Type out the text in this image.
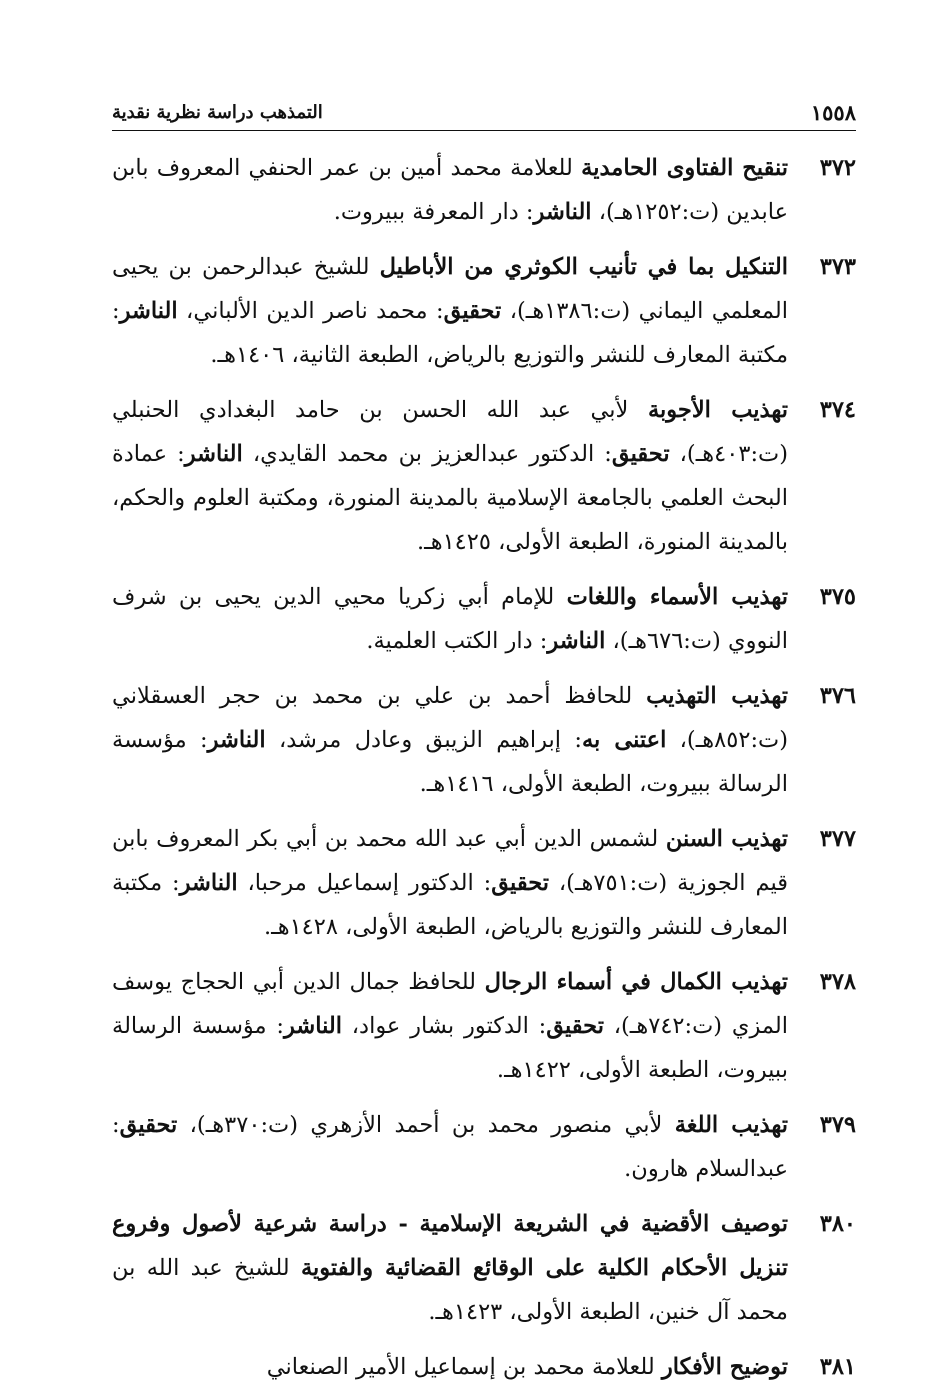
١٥٥٨
التمذهب دراسة نظرية نقدية
٣٧٢
تنقيح الفتاوى الحامدية للعلامة محمد أمين بن عمر الحنفي المعروف بابن عابدين (ت:١٢٥٢هـ)، الناشر: دار المعرفة ببيروت.
٣٧٣
التنكيل بما في تأنيب الكوثري من الأباطيل للشيخ عبدالرحمن بن يحيى المعلمي اليماني (ت:١٣٨٦هـ)، تحقيق: محمد ناصر الدين الألباني، الناشر: مكتبة المعارف للنشر والتوزيع بالرياض، الطبعة الثانية، ١٤٠٦هـ.
٣٧٤
تهذيب الأجوبة لأبي عبد الله الحسن بن حامد البغدادي الحنبلي (ت:٤٠٣هـ)، تحقيق: الدكتور عبدالعزيز بن محمد القايدي، الناشر: عمادة البحث العلمي بالجامعة الإسلامية بالمدينة المنورة، ومكتبة العلوم والحكم، بالمدينة المنورة، الطبعة الأولى، ١٤٢٥هـ.
٣٧٥
تهذيب الأسماء واللغات للإمام أبي زكريا محيي الدين يحيى بن شرف النووي (ت:٦٧٦هـ)، الناشر: دار الكتب العلمية.
٣٧٦
تهذيب التهذيب للحافظ أحمد بن علي بن محمد بن حجر العسقلاني (ت:٨٥٢هـ)، اعتنى به: إبراهيم الزيبق وعادل مرشد، الناشر: مؤسسة الرسالة ببيروت، الطبعة الأولى، ١٤١٦هـ.
٣٧٧
تهذيب السنن لشمس الدين أبي عبد الله محمد بن أبي بكر المعروف بابن قيم الجوزية (ت:٧٥١هـ)، تحقيق: الدكتور إسماعيل مرحبا، الناشر: مكتبة المعارف للنشر والتوزيع بالرياض، الطبعة الأولى، ١٤٢٨هـ.
٣٧٨
تهذيب الكمال في أسماء الرجال للحافظ جمال الدين أبي الحجاج يوسف المزي (ت:٧٤٢هـ)، تحقيق: الدكتور بشار عواد، الناشر: مؤسسة الرسالة ببيروت، الطبعة الأولى، ١٤٢٢هـ.
٣٧٩
تهذيب اللغة لأبي منصور محمد بن أحمد الأزهري (ت:٣٧٠هـ)، تحقيق: عبدالسلام هارون.
٣٨٠
توصيف الأقضية في الشريعة الإسلامية - دراسة شرعية لأصول وفروع تنزيل الأحكام الكلية على الوقائع القضائية والفتوية للشيخ عبد الله بن محمد آل خنين، الطبعة الأولى، ١٤٢٣هـ.
٣٨١
توضيح الأفكار للعلامة محمد بن إسماعيل الأمير الصنعاني
